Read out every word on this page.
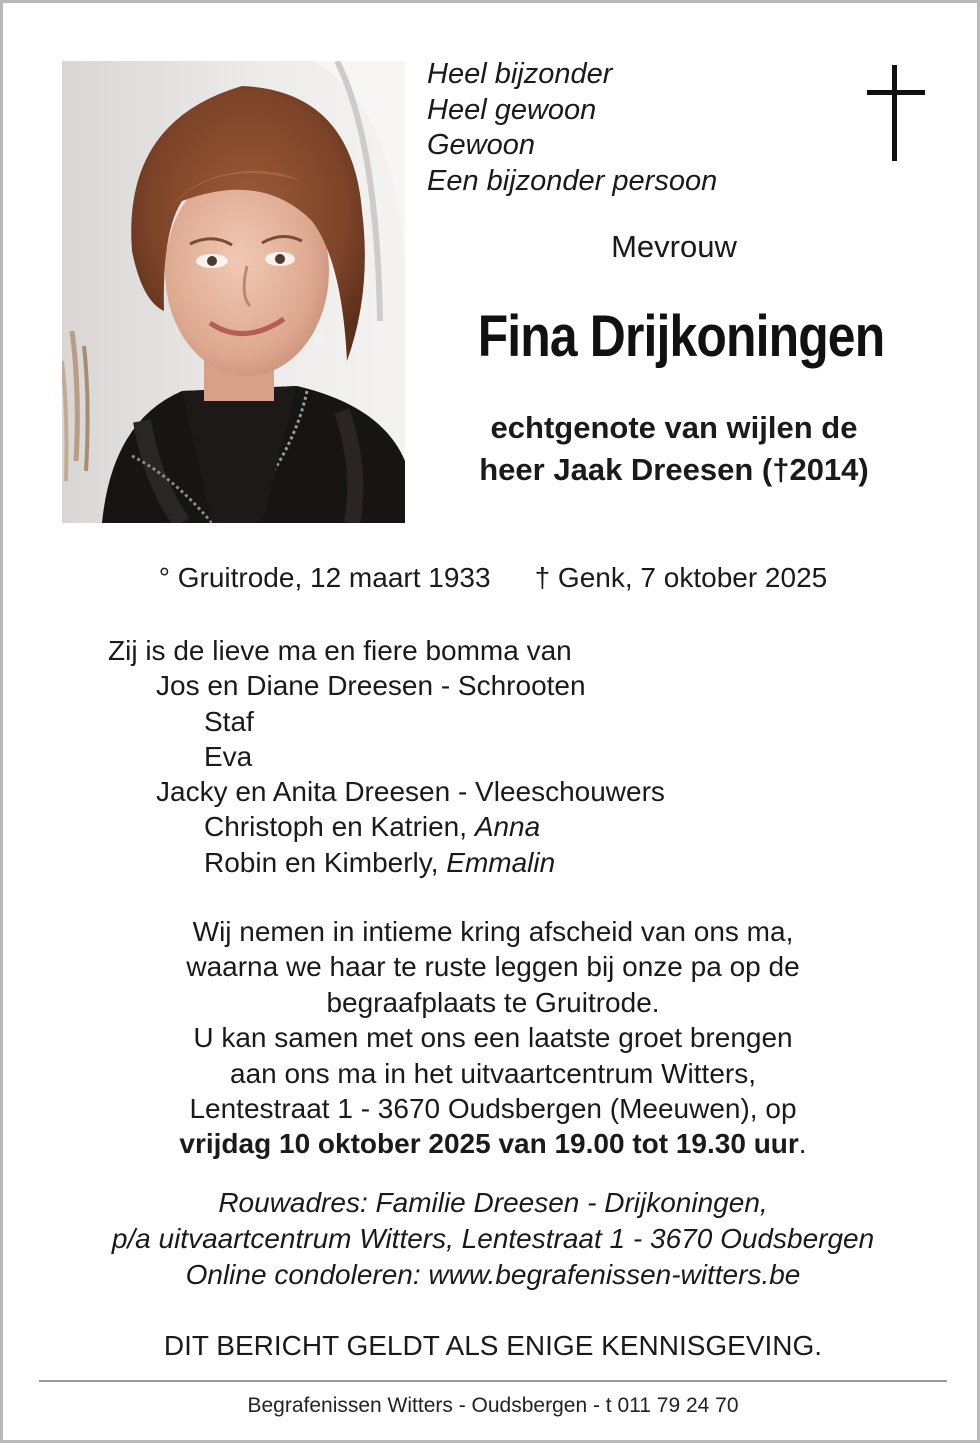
Heel bijzonder
Heel gewoon
Gewoon
Een bijzonder persoon
Mevrouw
Fina Drijkoningen
echtgenote van wijlen de
heer Jaak Dreesen (†2014)
° Gruitrode, 12 maart 1933 † Genk, 7 oktober 2025
Zij is de lieve ma en fiere bomma van
Jos en Diane Dreesen - Schrooten
Staf
Eva
Jacky en Anita Dreesen - Vleeschouwers
Christoph en Katrien, Anna
Robin en Kimberly, Emmalin
Wij nemen in intieme kring afscheid van ons ma,
waarna we haar te ruste leggen bij onze pa op de
begraafplaats te Gruitrode.
U kan samen met ons een laatste groet brengen
aan ons ma in het uitvaartcentrum Witters,
Lentestraat 1 - 3670 Oudsbergen (Meeuwen), op
vrijdag 10 oktober 2025 van 19.00 tot 19.30 uur.
Rouwadres: Familie Dreesen - Drijkoningen,
p/a uitvaartcentrum Witters, Lentestraat 1 - 3670 Oudsbergen
Online condoleren: www.begrafenissen-witters.be
DIT BERICHT GELDT ALS ENIGE KENNISGEVING.
Begrafenissen Witters - Oudsbergen - t 011 79 24 70
